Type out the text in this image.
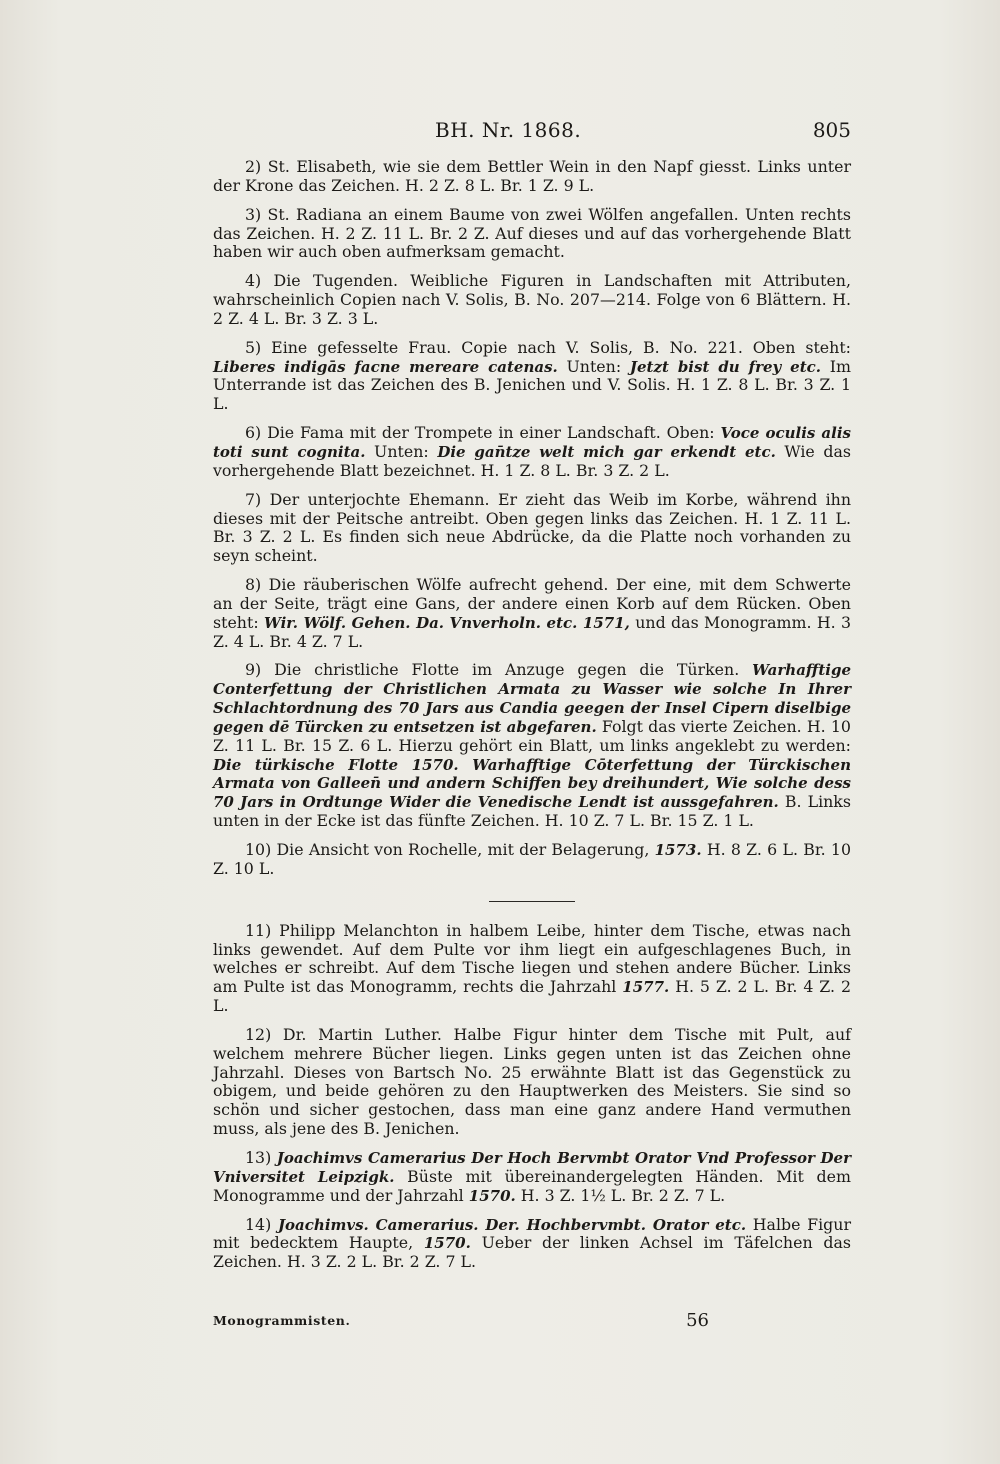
BH. Nr. 1868.	805

2) St. Elisabeth, wie sie dem Bettler Wein in den Napf giesst. Links unter der Krone das Zeichen. H. 2 Z. 8 L. Br. 1 Z. 9 L.

3) St. Radiana an einem Baume von zwei Wölfen angefallen. Unten rechts das Zeichen. H. 2 Z. 11 L. Br. 2 Z. Auf dieses und auf das vorhergehende Blatt haben wir auch oben aufmerksam gemacht.

4) Die Tugenden. Weibliche Figuren in Landschaften mit Attributen, wahrscheinlich Copien nach V. Solis, B. No. 207—214. Folge von 6 Blättern. H. 2 Z. 4 L. Br. 3 Z. 3 L.

5) Eine gefesselte Frau. Copie nach V. Solis, B. No. 221. Oben steht: Liberes indigās facne mereare catenas. Unten: Jetzt bist du frey etc. Im Unterrande ist das Zeichen des B. Jenichen und V. Solis. H. 1 Z. 8 L. Br. 3 Z. 1 L.

6) Die Fama mit der Trompete in einer Landschaft. Oben: Voce oculis alis toti sunt cognita. Unten: Die gan̄tze welt mich gar erkendt etc. Wie das vorhergehende Blatt bezeichnet. H. 1 Z. 8 L. Br. 3 Z. 2 L.

7) Der unterjochte Ehemann. Er zieht das Weib im Korbe, während ihn dieses mit der Peitsche antreibt. Oben gegen links das Zeichen. H. 1 Z. 11 L. Br. 3 Z. 2 L. Es finden sich neue Abdrücke, da die Platte noch vorhanden zu seyn scheint.

8) Die räuberischen Wölfe aufrecht gehend. Der eine, mit dem Schwerte an der Seite, trägt eine Gans, der andere einen Korb auf dem Rücken. Oben steht: Wir. Wölf. Gehen. Da. Vnverholn. etc. 1571, und das Monogramm. H. 3 Z. 4 L. Br. 4 Z. 7 L.

9) Die christliche Flotte im Anzuge gegen die Türken. Warhafftige Conterfettung der Christlichen Armata zu Wasser wie solche In Ihrer Schlachtordnung des 70 Jars aus Candia geegen der Insel Cipern diselbige gegen dē Türcken zu entsetzen ist abgefaren. Folgt das vierte Zeichen. H. 10 Z. 11 L. Br. 15 Z. 6 L. Hierzu gehört ein Blatt, um links angeklebt zu werden: Die türkische Flotte 1570. Warhafftige Cōterfettung der Türckischen Armata von Galleen̄ und andern Schiffen bey dreihundert, Wie solche dess 70 Jars in Ordtunge Wider die Venedische Lendt ist aussgefahren. B. Links unten in der Ecke ist das fünfte Zeichen. H. 10 Z. 7 L. Br. 15 Z. 1 L.

10) Die Ansicht von Rochelle, mit der Belagerung, 1573. H. 8 Z. 6 L. Br. 10 Z. 10 L.

11) Philipp Melanchton in halbem Leibe, hinter dem Tische, etwas nach links gewendet. Auf dem Pulte vor ihm liegt ein aufgeschlagenes Buch, in welches er schreibt. Auf dem Tische liegen und stehen andere Bücher. Links am Pulte ist das Monogramm, rechts die Jahrzahl 1577. H. 5 Z. 2 L. Br. 4 Z. 2 L.

12) Dr. Martin Luther. Halbe Figur hinter dem Tische mit Pult, auf welchem mehrere Bücher liegen. Links gegen unten ist das Zeichen ohne Jahrzahl. Dieses von Bartsch No. 25 erwähnte Blatt ist das Gegenstück zu obigem, und beide gehören zu den Hauptwerken des Meisters. Sie sind so schön und sicher gestochen, dass man eine ganz andere Hand vermuthen muss, als jene des B. Jenichen.

13) Joachimvs Camerarius Der Hoch Bervmbt Orator Vnd Professor Der Vniversitet Leipzigk. Büste mit übereinandergelegten Händen. Mit dem Monogramme und der Jahrzahl 1570. H. 3 Z. 1½ L. Br. 2 Z. 7 L.

14) Joachimvs. Camerarius. Der. Hochbervmbt. Orator etc. Halbe Figur mit bedecktem Haupte, 1570. Ueber der linken Achsel im Täfelchen das Zeichen. H. 3 Z. 2 L. Br. 2 Z. 7 L.

Monogrammisten.	56
